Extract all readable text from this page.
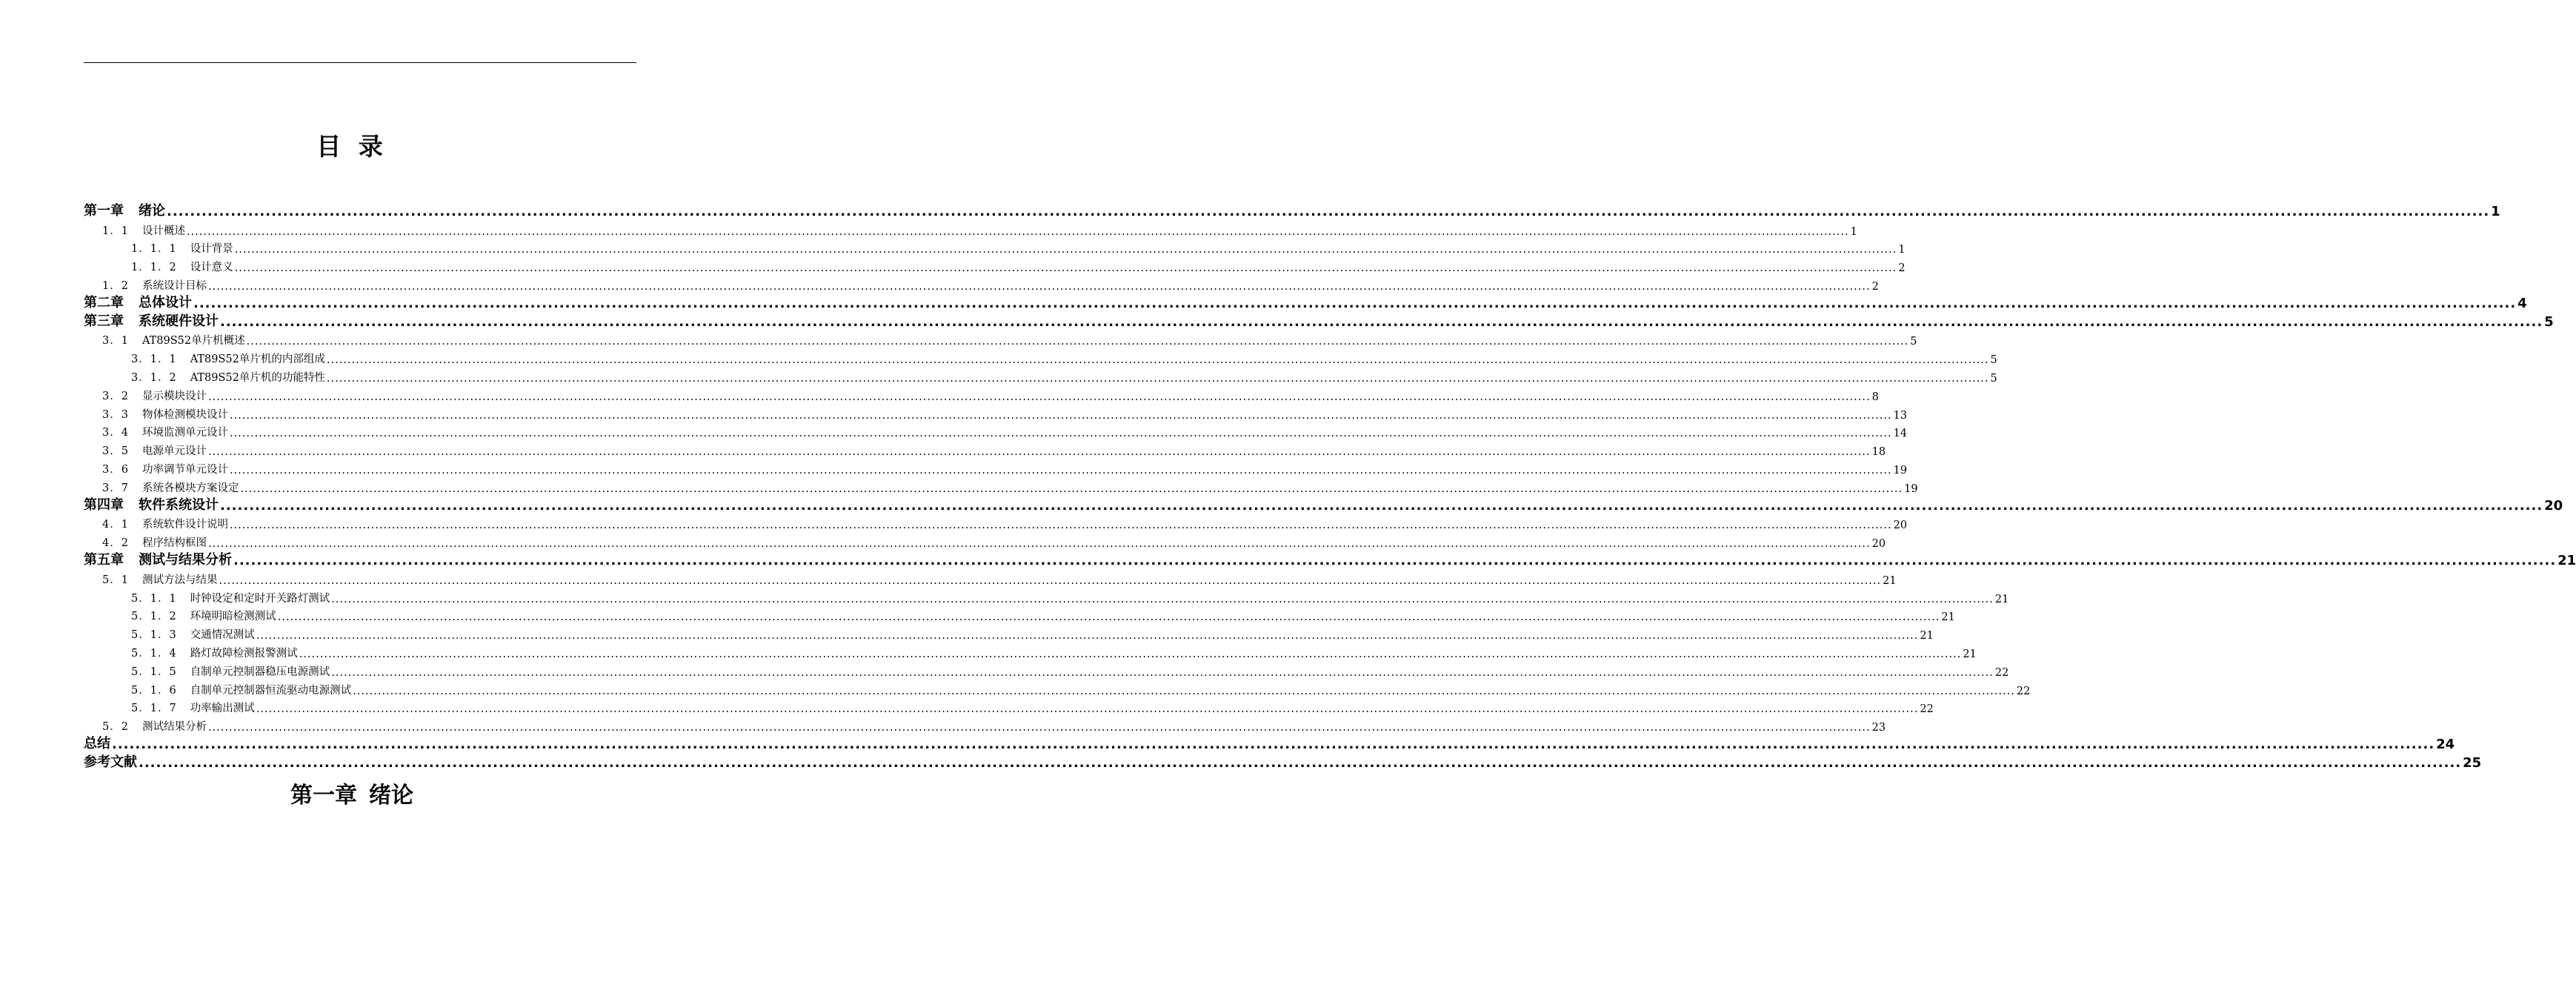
目 录
第一章 绪论 ................................................................................................................................................................................................................................................................................................................................................................................................................ 1
1．1 设计概述 ................................................................................................................................................................................................................................................................................................................................................................................................................ 1
1．1．1 设计背景 ................................................................................................................................................................................................................................................................................................................................................................................................................ 1
1．1．2 设计意义 ................................................................................................................................................................................................................................................................................................................................................................................................................ 2
1．2 系统设计目标 ................................................................................................................................................................................................................................................................................................................................................................................................................ 2
第二章 总体设计 ................................................................................................................................................................................................................................................................................................................................................................................................................ 4
第三章 系统硬件设计 ................................................................................................................................................................................................................................................................................................................................................................................................................ 5
3．1 AT89S52单片机概述 ................................................................................................................................................................................................................................................................................................................................................................................................................ 5
3．1．1 AT89S52单片机的内部组成 ................................................................................................................................................................................................................................................................................................................................................................................................................ 5
3．1．2 AT89S52单片机的功能特性 ................................................................................................................................................................................................................................................................................................................................................................................................................ 5
3．2 显示模块设计 ................................................................................................................................................................................................................................................................................................................................................................................................................ 8
3．3 物体检测模块设计 ................................................................................................................................................................................................................................................................................................................................................................................................................ 13
3．4 环境监测单元设计 ................................................................................................................................................................................................................................................................................................................................................................................................................ 14
3．5 电源单元设计 ................................................................................................................................................................................................................................................................................................................................................................................................................ 18
3．6 功率调节单元设计 ................................................................................................................................................................................................................................................................................................................................................................................................................ 19
3．7 系统各模块方案设定 ................................................................................................................................................................................................................................................................................................................................................................................................................ 19
第四章 软件系统设计 ................................................................................................................................................................................................................................................................................................................................................................................................................ 20
4．1 系统软件设计说明 ................................................................................................................................................................................................................................................................................................................................................................................................................ 20
4．2 程序结构框图 ................................................................................................................................................................................................................................................................................................................................................................................................................ 20
第五章 测试与结果分析 ................................................................................................................................................................................................................................................................................................................................................................................................................ 21
5．1 测试方法与结果 ................................................................................................................................................................................................................................................................................................................................................................................................................ 21
5．1．1 时钟设定和定时开关路灯测试 ................................................................................................................................................................................................................................................................................................................................................................................................................ 21
5．1．2 环境明暗检测测试 ................................................................................................................................................................................................................................................................................................................................................................................................................ 21
5．1．3 交通情况测试 ................................................................................................................................................................................................................................................................................................................................................................................................................ 21
5．1．4 路灯故障检测报警测试 ................................................................................................................................................................................................................................................................................................................................................................................................................ 21
5．1．5 自制单元控制器稳压电源测试 ................................................................................................................................................................................................................................................................................................................................................................................................................ 22
5．1．6 自制单元控制器恒流驱动电源测试 ................................................................................................................................................................................................................................................................................................................................................................................................................ 22
5．1．7 功率输出测试 ................................................................................................................................................................................................................................................................................................................................................................................................................ 22
5．2 测试结果分析 ................................................................................................................................................................................................................................................................................................................................................................................................................ 23
总结 ................................................................................................................................................................................................................................................................................................................................................................................................................ 24
参考文献 ................................................................................................................................................................................................................................................................................................................................................................................................................ 25
第一章 绪论
